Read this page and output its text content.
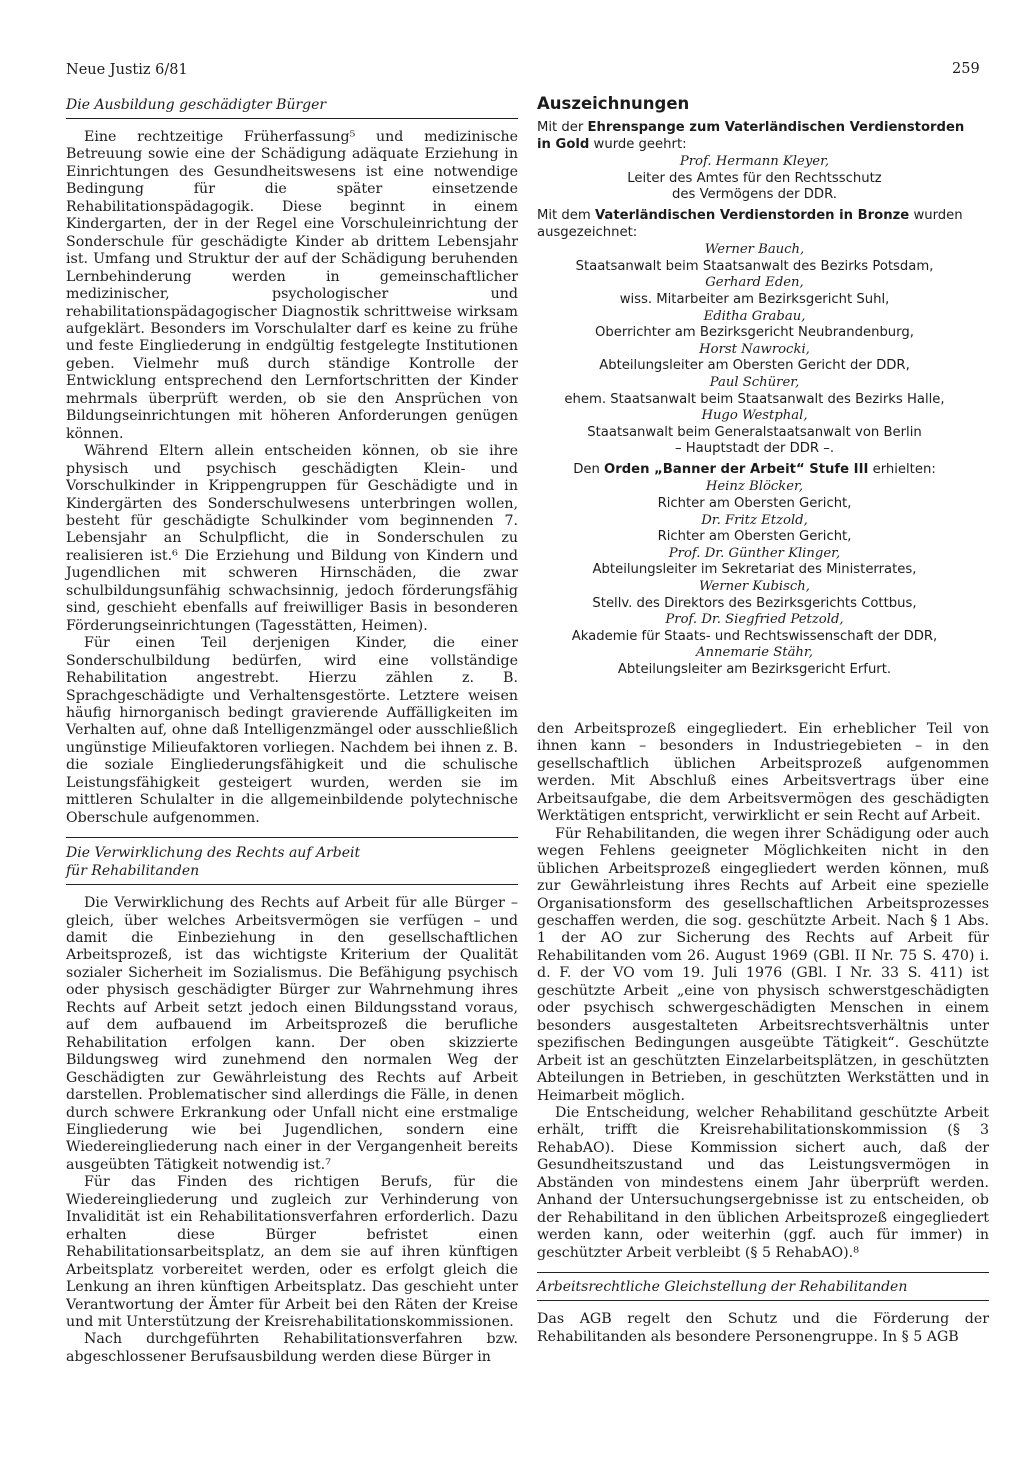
Neue Justiz 6/81	259
Die Ausbildung geschädigter Bürger

Eine rechtzeitige Früherfassung⁵ und medizinische Betreuung sowie eine der Schädigung adäquate Erziehung in Einrichtungen des Gesundheitswesens ist eine notwendige Bedingung für die später einsetzende Rehabilitationspädagogik. Diese beginnt in einem Kindergarten, der in der Regel eine Vorschuleinrichtung der Sonderschule für geschädigte Kinder ab drittem Lebensjahr ist. Umfang und Struktur der auf der Schädigung beruhenden Lernbehinderung werden in gemeinschaftlicher medizinischer, psychologischer und rehabilitationspädagogischer Diagnostik schrittweise wirksam aufgeklärt. Besonders im Vorschulalter darf es keine zu frühe und feste Eingliederung in endgültig festgelegte Institutionen geben. Vielmehr muß durch ständige Kontrolle der Entwicklung entsprechend den Lernfortschritten der Kinder mehrmals überprüft werden, ob sie den Ansprüchen von Bildungseinrichtungen mit höheren Anforderungen genügen können.

Während Eltern allein entscheiden können, ob sie ihre physisch und psychisch geschädigten Klein- und Vorschulkinder in Krippengruppen für Geschädigte und in Kindergärten des Sonderschulwesens unterbringen wollen, besteht für geschädigte Schulkinder vom beginnenden 7. Lebensjahr an Schulpflicht, die in Sonderschulen zu realisieren ist.⁶ Die Erziehung und Bildung von Kindern und Jugendlichen mit schweren Hirnschäden, die zwar schulbildungsunfähig schwachsinnig, jedoch förderungsfähig sind, geschieht ebenfalls auf freiwilliger Basis in besonderen Förderungseinrichtungen (Tagesstätten, Heimen).

Für einen Teil derjenigen Kinder, die einer Sonderschulbildung bedürfen, wird eine vollständige Rehabilitation angestrebt. Hierzu zählen z. B. Sprachgeschädigte und Verhaltensgestörte. Letztere weisen häufig hirnorganisch bedingt gravierende Auffälligkeiten im Verhalten auf, ohne daß Intelligenzmängel oder ausschließlich ungünstige Milieufaktoren vorliegen. Nachdem bei ihnen z. B. die soziale Eingliederungsfähigkeit und die schulische Leistungsfähigkeit gesteigert wurden, werden sie im mittleren Schulalter in die allgemeinbildende polytechnische Oberschule aufgenommen.

Die Verwirklichung des Rechts auf Arbeit
für Rehabilitanden

Die Verwirklichung des Rechts auf Arbeit für alle Bürger – gleich, über welches Arbeitsvermögen sie verfügen – und damit die Einbeziehung in den gesellschaftlichen Arbeitsprozeß, ist das wichtigste Kriterium der Qualität sozialer Sicherheit im Sozialismus. Die Befähigung psychisch oder physisch geschädigter Bürger zur Wahrnehmung ihres Rechts auf Arbeit setzt jedoch einen Bildungsstand voraus, auf dem aufbauend im Arbeitsprozeß die berufliche Rehabilitation erfolgen kann. Der oben skizzierte Bildungsweg wird zunehmend den normalen Weg der Geschädigten zur Gewährleistung des Rechts auf Arbeit darstellen. Problematischer sind allerdings die Fälle, in denen durch schwere Erkrankung oder Unfall nicht eine erstmalige Eingliederung wie bei Jugendlichen, sondern eine Wiedereingliederung nach einer in der Vergangenheit bereits ausgeübten Tätigkeit notwendig ist.⁷

Für das Finden des richtigen Berufs, für die Wiedereingliederung und zugleich zur Verhinderung von Invalidität ist ein Rehabilitationsverfahren erforderlich. Dazu erhalten diese Bürger befristet einen Rehabilitationsarbeitsplatz, an dem sie auf ihren künftigen Arbeitsplatz vorbereitet werden, oder es erfolgt gleich die Lenkung an ihren künftigen Arbeitsplatz. Das geschieht unter Verantwortung der Ämter für Arbeit bei den Räten der Kreise und mit Unterstützung der Kreisrehabilitationskommissionen.

Nach durchgeführten Rehabilitationsverfahren bzw. abgeschlossener Berufsausbildung werden diese Bürger in

Auszeichnungen

Mit der Ehrenspange zum Vaterländischen Verdienstorden in Gold wurde geehrt:

Prof. Hermann Kleyer,

Leiter des Amtes für den Rechtsschutz

des Vermögens der DDR.

Mit dem Vaterländischen Verdienstorden in Bronze wurden ausgezeichnet:

Werner Bauch,

Staatsanwalt beim Staatsanwalt des Bezirks Potsdam,

Gerhard Eden,

wiss. Mitarbeiter am Bezirksgericht Suhl,

Editha Grabau,

Oberrichter am Bezirksgericht Neubrandenburg,

Horst Nawrocki,

Abteilungsleiter am Obersten Gericht der DDR,

Paul Schürer,

ehem. Staatsanwalt beim Staatsanwalt des Bezirks Halle,

Hugo Westphal,

Staatsanwalt beim Generalstaatsanwalt von Berlin

– Hauptstadt der DDR –.

Den Orden „Banner der Arbeit“ Stufe III erhielten:

Heinz Blöcker,

Richter am Obersten Gericht,

Dr. Fritz Etzold,

Richter am Obersten Gericht,

Prof. Dr. Günther Klinger,

Abteilungsleiter im Sekretariat des Ministerrates,

Werner Kubisch,

Stellv. des Direktors des Bezirksgerichts Cottbus,

Prof. Dr. Siegfried Petzold,

Akademie für Staats- und Rechtswissenschaft der DDR,

Annemarie Stähr,

Abteilungsleiter am Bezirksgericht Erfurt.

den Arbeitsprozeß eingegliedert. Ein erheblicher Teil von ihnen kann – besonders in Industriegebieten – in den gesellschaftlich üblichen Arbeitsprozeß aufgenommen werden. Mit Abschluß eines Arbeitsvertrags über eine Arbeitsaufgabe, die dem Arbeitsvermögen des geschädigten Werktätigen entspricht, verwirklicht er sein Recht auf Arbeit.

Für Rehabilitanden, die wegen ihrer Schädigung oder auch wegen Fehlens geeigneter Möglichkeiten nicht in den üblichen Arbeitsprozeß eingegliedert werden können, muß zur Gewährleistung ihres Rechts auf Arbeit eine spezielle Organisationsform des gesellschaftlichen Arbeitsprozesses geschaffen werden, die sog. geschützte Arbeit. Nach § 1 Abs. 1 der AO zur Sicherung des Rechts auf Arbeit für Rehabilitanden vom 26. August 1969 (GBl. II Nr. 75 S. 470) i. d. F. der VO vom 19. Juli 1976 (GBl. I Nr. 33 S. 411) ist geschützte Arbeit „eine von physisch schwerstgeschädigten oder psychisch schwergeschädigten Menschen in einem besonders ausgestalteten Arbeitsrechtsverhältnis unter spezifischen Bedingungen ausgeübte Tätigkeit“. Geschützte Arbeit ist an geschützten Einzelarbeitsplätzen, in geschützten Abteilungen in Betrieben, in geschützten Werkstätten und in Heimarbeit möglich.

Die Entscheidung, welcher Rehabilitand geschützte Arbeit erhält, trifft die Kreisrehabilitationskommission (§ 3 RehabAO). Diese Kommission sichert auch, daß der Gesundheitszustand und das Leistungsvermögen in Abständen von mindestens einem Jahr überprüft werden. Anhand der Untersuchungsergebnisse ist zu entscheiden, ob der Rehabilitand in den üblichen Arbeitsprozeß eingegliedert werden kann, oder weiterhin (ggf. auch für immer) in geschützter Arbeit verbleibt (§ 5 RehabAO).⁸

Arbeitsrechtliche Gleichstellung der Rehabilitanden

Das AGB regelt den Schutz und die Förderung der Rehabilitanden als besondere Personengruppe. In § 5 AGB
